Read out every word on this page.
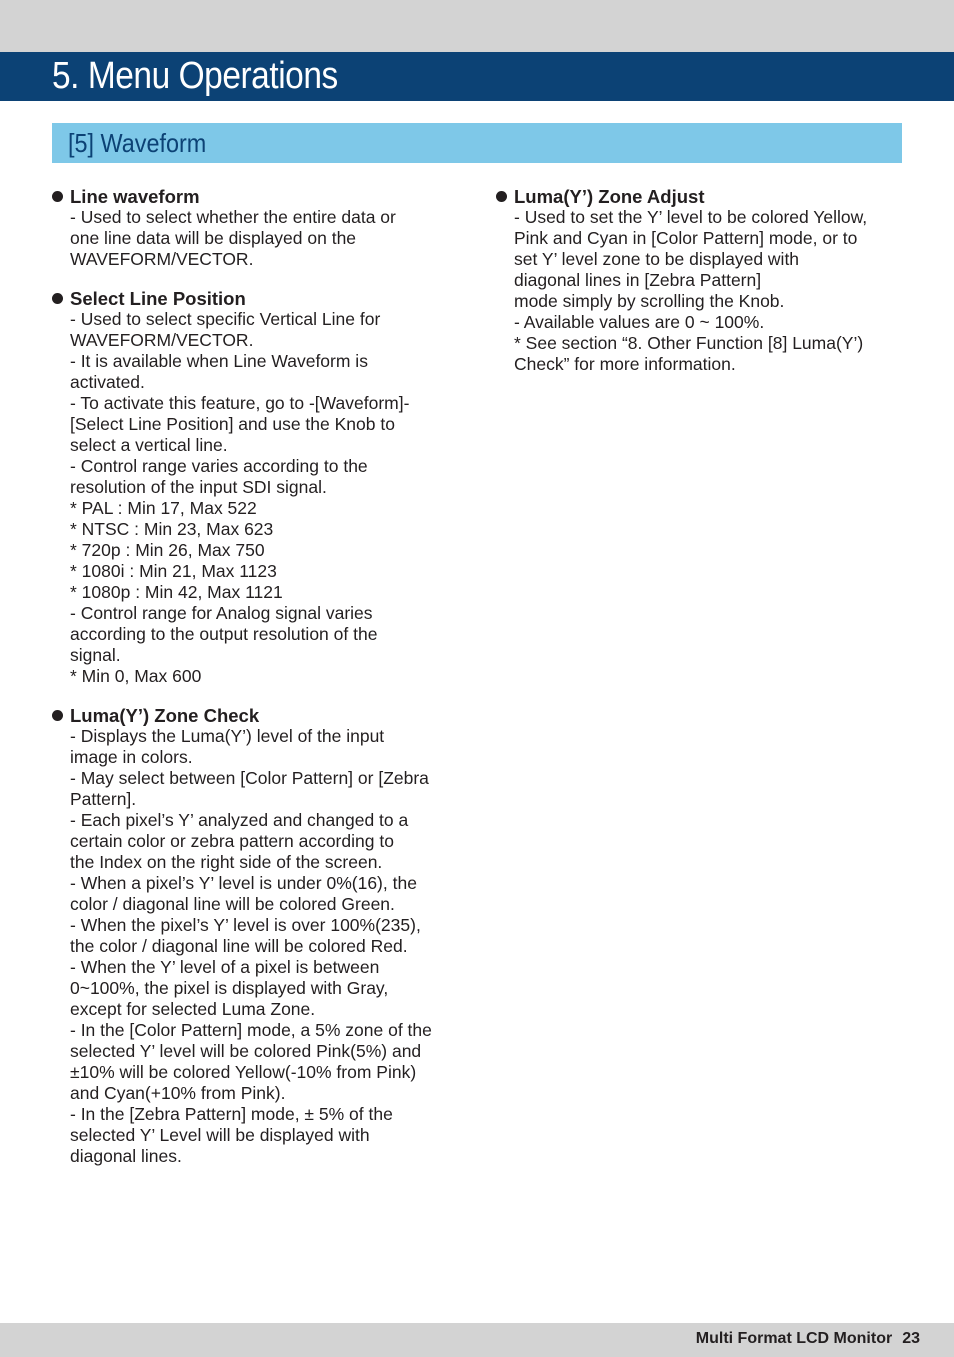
5. Menu Operations
[5] Waveform
Line waveform
- Used to select whether the entire data or
one line data will be displayed on the
WAVEFORM/VECTOR.
Select Line Position
- Used to select specific Vertical Line for
WAVEFORM/VECTOR.
- It is available when Line Waveform is
activated.
- To activate this feature, go to -[Waveform]-
[Select Line Position] and use the Knob to
select a vertical line.
- Control range varies according to the
resolution of the input SDI signal.
* PAL : Min 17, Max 522
* NTSC : Min 23, Max 623
* 720p : Min 26, Max 750
* 1080i : Min 21, Max 1123
* 1080p : Min 42, Max 1121
- Control range for Analog signal varies
according to the output resolution of the
signal.
* Min 0, Max 600
Luma(Y’) Zone Check
- Displays the Luma(Y’) level of the input
image in colors.
- May select between [Color Pattern] or [Zebra
Pattern].
- Each pixel’s Y’ analyzed and changed to a
certain color or zebra pattern according to
the Index on the right side of the screen.
- When a pixel’s Y’ level is under 0%(16), the
color / diagonal line will be colored Green.
- When the pixel’s Y’ level is over 100%(235),
the color / diagonal line will be colored Red.
- When the Y’ level of a pixel is between
0~100%, the pixel is displayed with Gray,
except for selected Luma Zone.
- In the [Color Pattern] mode, a 5% zone of the
selected Y’ level will be colored Pink(5%) and
±10% will be colored Yellow(-10% from Pink)
and Cyan(+10% from Pink).
- In the [Zebra Pattern] mode, ± 5% of the
selected Y’ Level will be displayed with
diagonal lines.
Luma(Y’) Zone Adjust
- Used to set the Y’ level to be colored Yellow,
Pink and Cyan in [Color Pattern] mode, or to
set Y’ level zone to be displayed with
diagonal lines in [Zebra Pattern]
mode simply by scrolling the Knob.
- Available values are 0 ~ 100%.
* See section “8. Other Function [8] Luma(Y’)
Check” for more information.
Multi Format LCD Monitor 23
